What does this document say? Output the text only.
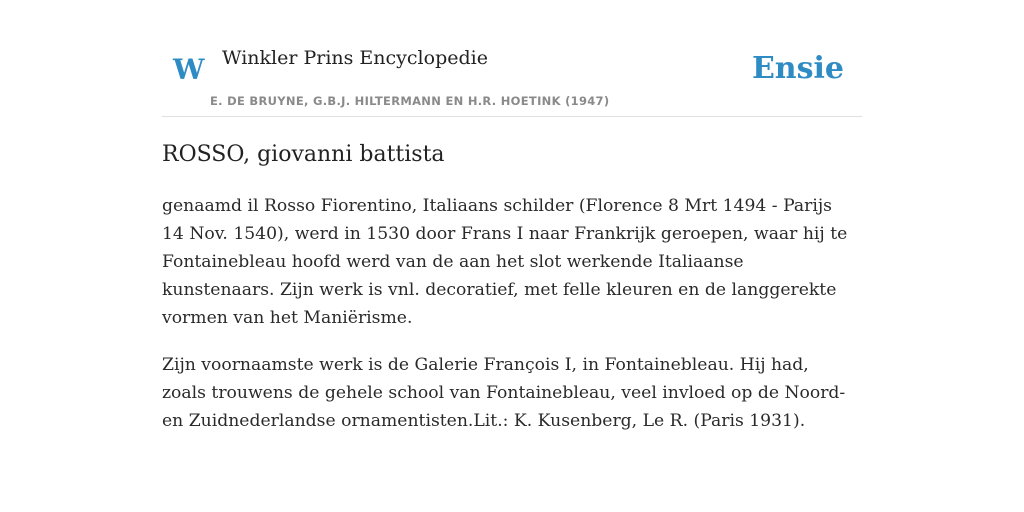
W Winkler Prins Encyclopedie
E. DE BRUYNE, G.B.J. HILTERMANN EN H.R. HOETINK (1947)
Ensie
ROSSO, giovanni battista

genaamd il Rosso Fiorentino, Italiaans schilder (Florence 8 Mrt 1494 - Parijs 14 Nov. 1540), werd in 1530 door Frans I naar Frankrijk geroepen, waar hij te Fontainebleau hoofd werd van de aan het slot werkende Italiaanse kunstenaars. Zijn werk is vnl. decoratief, met felle kleuren en de langgerekte vormen van het Maniërisme.

Zijn voornaamste werk is de Galerie François I, in Fontainebleau. Hij had, zoals trouwens de gehele school van Fontainebleau, veel invloed op de Noord- en Zuidnederlandse ornamentisten.Lit.: K. Kusenberg, Le R. (Paris 1931).
